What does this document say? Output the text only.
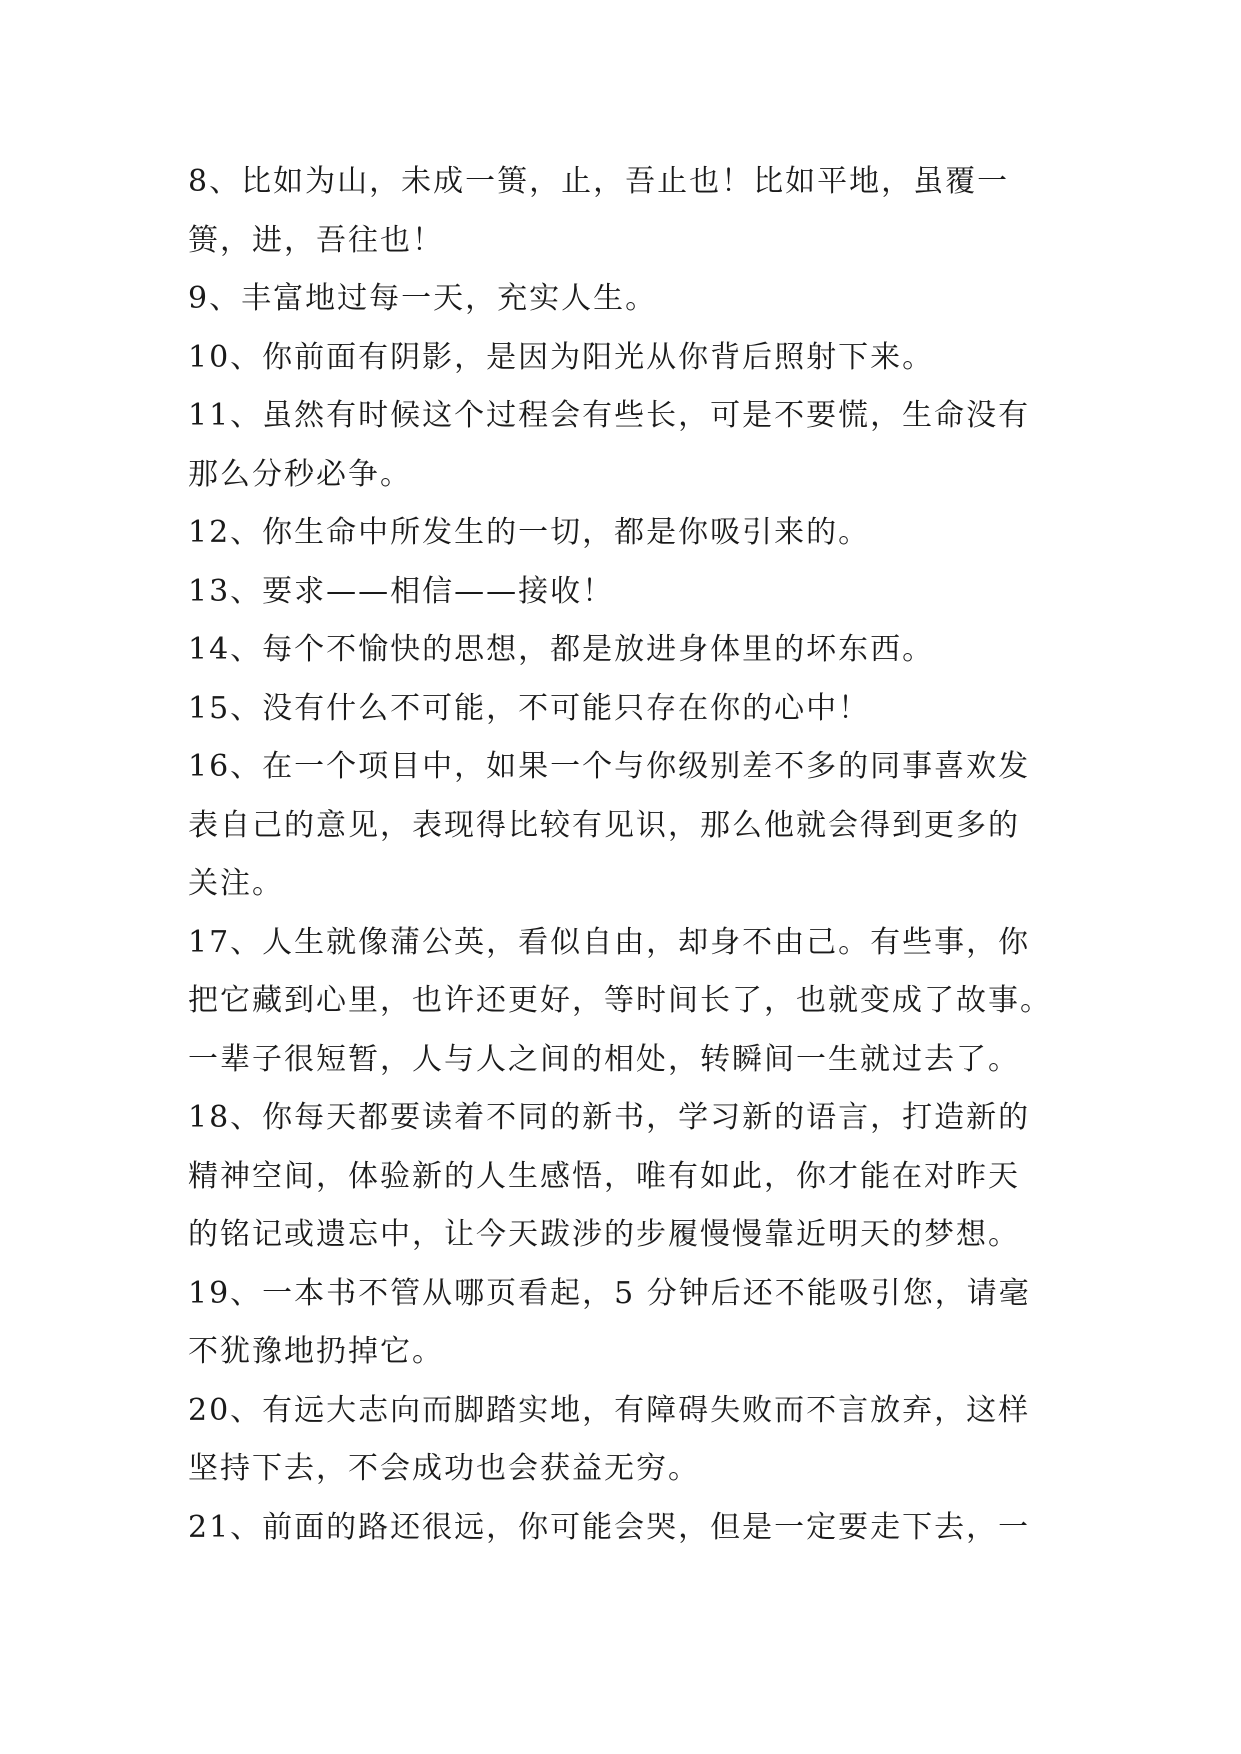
8、比如为山，未成一篑，止，吾止也！比如平地，虽覆一
篑，进，吾往也！
9、丰富地过每一天，充实人生。
10、你前面有阴影，是因为阳光从你背后照射下来。
11、虽然有时候这个过程会有些长，可是不要慌，生命没有
那么分秒必争。
12、你生命中所发生的一切，都是你吸引来的。
13、要求——相信——接收！
14、每个不愉快的思想，都是放进身体里的坏东西。
15、没有什么不可能，不可能只存在你的心中！
16、在一个项目中，如果一个与你级别差不多的同事喜欢发
表自己的意见，表现得比较有见识，那么他就会得到更多的
关注。
17、人生就像蒲公英，看似自由，却身不由己。有些事，你
把它藏到心里，也许还更好，等时间长了，也就变成了故事。
一辈子很短暂，人与人之间的相处，转瞬间一生就过去了。
18、你每天都要读着不同的新书，学习新的语言，打造新的
精神空间，体验新的人生感悟，唯有如此，你才能在对昨天
的铭记或遗忘中，让今天跋涉的步履慢慢靠近明天的梦想。
19、一本书不管从哪页看起，5 分钟后还不能吸引您，请毫
不犹豫地扔掉它。
20、有远大志向而脚踏实地，有障碍失败而不言放弃，这样
坚持下去，不会成功也会获益无穷。
21、前面的路还很远，你可能会哭，但是一定要走下去，一
